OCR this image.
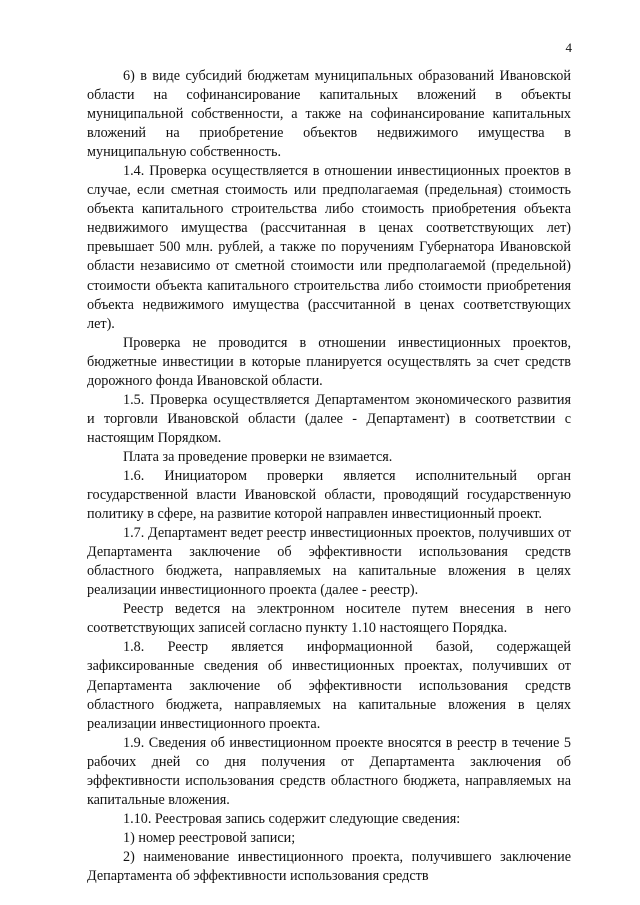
4

6) в виде субсидий бюджетам муниципальных образований Ивановской области на софинансирование капитальных вложений в объекты муниципальной собственности, а также на софинансирование капитальных вложений на приобретение объектов недвижимого имущества в муниципальную собственность.

1.4. Проверка осуществляется в отношении инвестиционных проектов в случае, если сметная стоимость или предполагаемая (предельная) стоимость объекта капитального строительства либо стоимость приобретения объекта недвижимого имущества (рассчитанная в ценах соответствующих лет) превышает 500 млн. рублей, а также по поручениям Губернатора Ивановской области независимо от сметной стоимости или предполагаемой (предельной) стоимости объекта капитального строительства либо стоимости приобретения объекта недвижимого имущества (рассчитанной в ценах соответствующих лет).

Проверка не проводится в отношении инвестиционных проектов, бюджетные инвестиции в которые планируется осуществлять за счет средств дорожного фонда Ивановской области.

1.5. Проверка осуществляется Департаментом экономического развития и торговли Ивановской области (далее - Департамент) в соответствии с настоящим Порядком.

Плата за проведение проверки не взимается.

1.6. Инициатором проверки является исполнительный орган государственной власти Ивановской области, проводящий государственную политику в сфере, на развитие которой направлен инвестиционный проект.

1.7. Департамент ведет реестр инвестиционных проектов, получивших от Департамента заключение об эффективности использования средств областного бюджета, направляемых на капитальные вложения в целях реализации инвестиционного проекта (далее - реестр).

Реестр ведется на электронном носителе путем внесения в него соответствующих записей согласно пункту 1.10 настоящего Порядка.

1.8. Реестр является информационной базой, содержащей зафиксированные сведения об инвестиционных проектах, получивших от Департамента заключение об эффективности использования средств областного бюджета, направляемых на капитальные вложения в целях реализации инвестиционного проекта.

1.9. Сведения об инвестиционном проекте вносятся в реестр в течение 5 рабочих дней со дня получения от Департамента заключения об эффективности использования средств областного бюджета, направляемых на капитальные вложения.

1.10. Реестровая запись содержит следующие сведения:

1) номер реестровой записи;

2) наименование инвестиционного проекта, получившего заключение Департамента об эффективности использования средств
